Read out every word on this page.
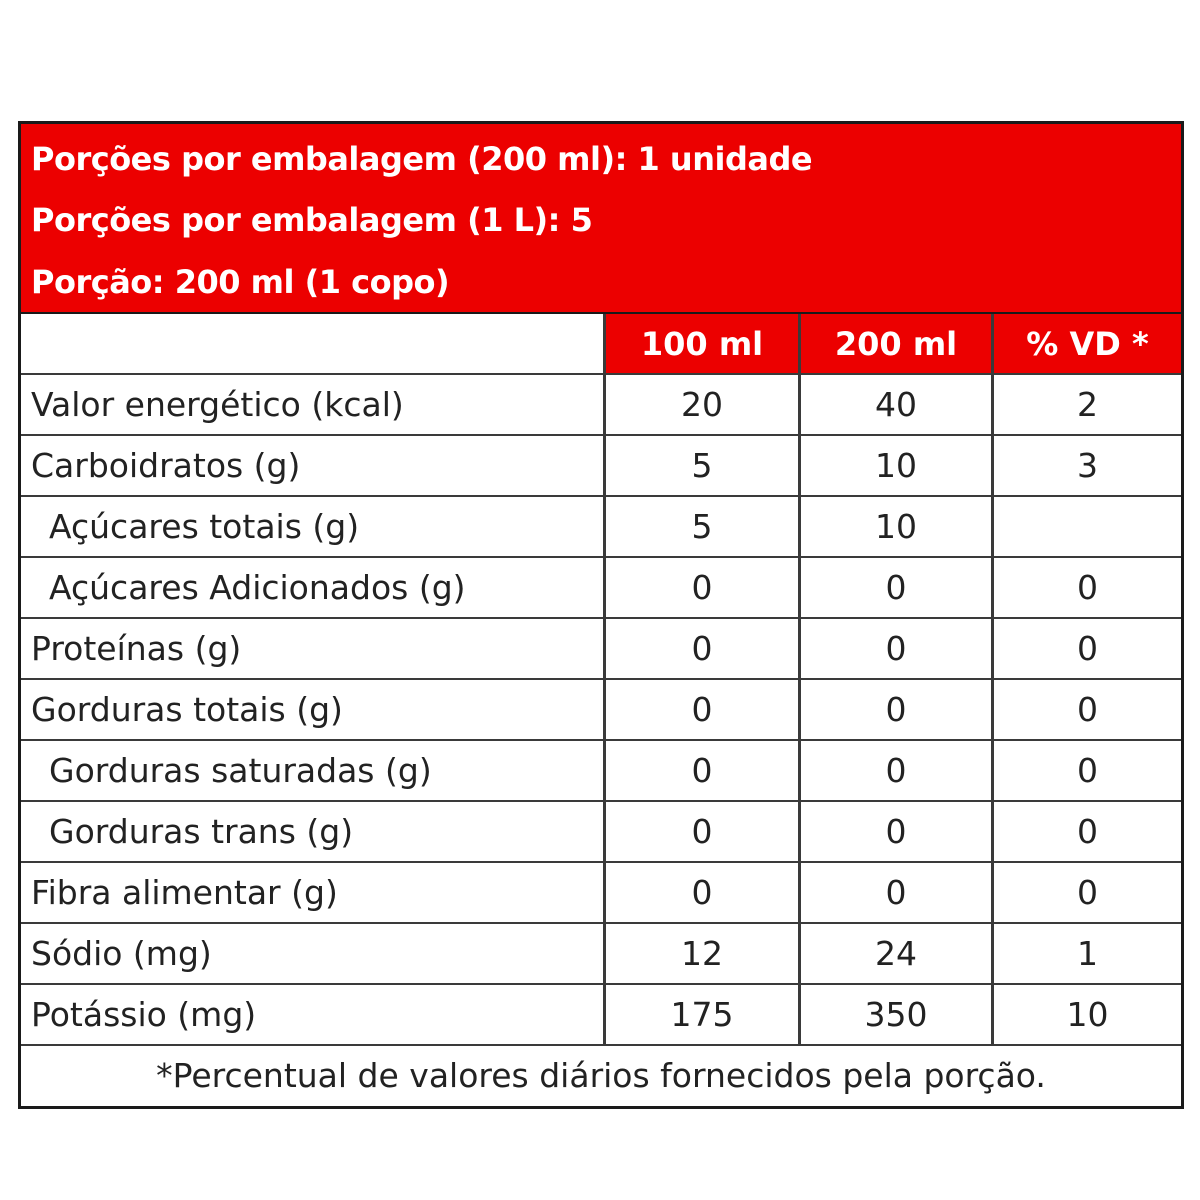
Porções por embalagem (200 ml): 1 unidade
Porções por embalagem (1 L): 5
Porção: 200 ml (1 copo)
100 ml	200 ml	% VD *
Valor energético (kcal)	20	40	2
Carboidratos (g)	5	10	3
Açúcares totais (g)	5	10
Açúcares Adicionados (g)	0	0	0
Proteínas (g)	0	0	0
Gorduras totais (g)	0	0	0
Gorduras saturadas (g)	0	0	0
Gorduras trans (g)	0	0	0
Fibra alimentar (g)	0	0	0
Sódio (mg)	12	24	1
Potássio (mg)	175	350	10
*Percentual de valores diários fornecidos pela porção.
